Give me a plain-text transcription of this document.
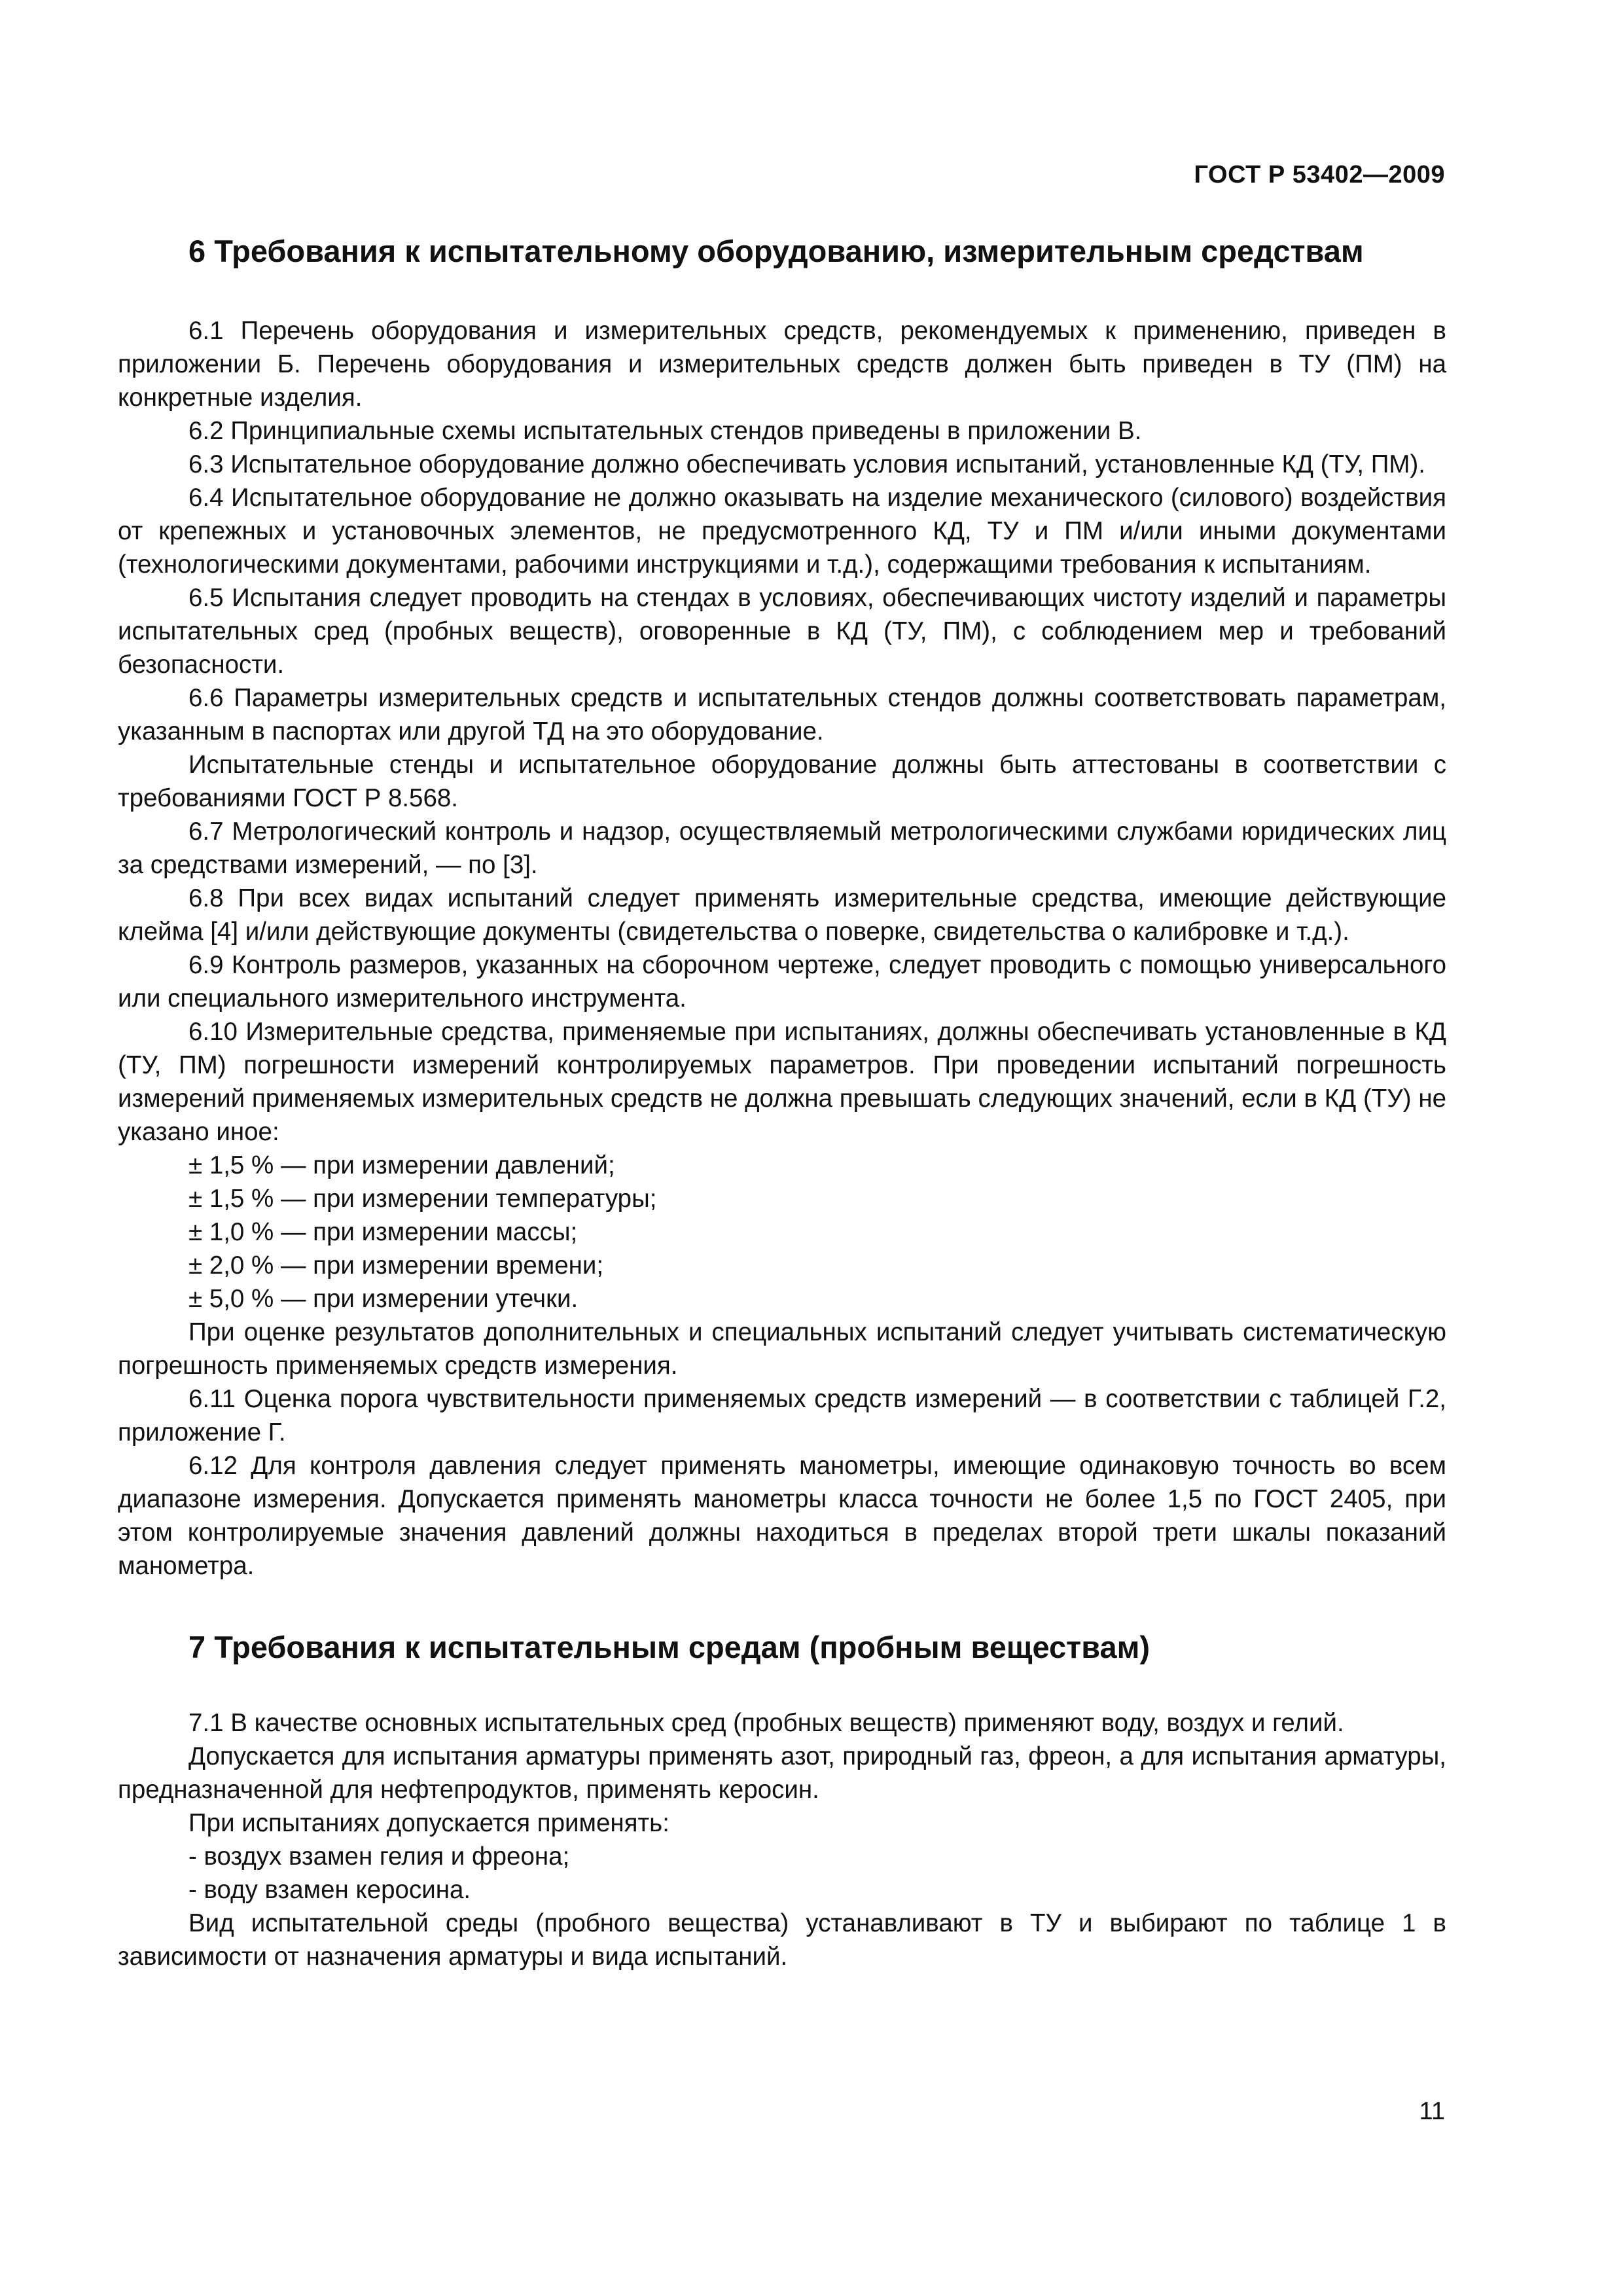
ГОСТ Р 53402—2009
6 Требования к испытательному оборудованию, измерительным средствам

6.1 Перечень оборудования и измерительных средств, рекомендуемых к применению, приведен в приложении Б. Перечень оборудования и измерительных средств должен быть приведен в ТУ (ПМ) на конкретные изделия.

6.2 Принципиальные схемы испытательных стендов приведены в приложении В.

6.3 Испытательное оборудование должно обеспечивать условия испытаний, установленные КД (ТУ, ПМ).

6.4 Испытательное оборудование не должно оказывать на изделие механического (силового) воздействия от крепежных и установочных элементов, не предусмотренного КД, ТУ и ПМ и/или иными документами (технологическими документами, рабочими инструкциями и т.д.), содержащими требования к испытаниям.

6.5 Испытания следует проводить на стендах в условиях, обеспечивающих чистоту изделий и параметры испытательных сред (пробных веществ), оговоренные в КД (ТУ, ПМ), с соблюдением мер и требований безопасности.

6.6 Параметры измерительных средств и испытательных стендов должны соответствовать параметрам, указанным в паспортах или другой ТД на это оборудование.

Испытательные стенды и испытательное оборудование должны быть аттестованы в соответствии с требованиями ГОСТ Р 8.568.

6.7 Метрологический контроль и надзор, осуществляемый метрологическими службами юридических лиц за средствами измерений, — по [3].

6.8 При всех видах испытаний следует применять измерительные средства, имеющие действующие клейма [4] и/или действующие документы (свидетельства о поверке, свидетельства о калибровке и т.д.).

6.9 Контроль размеров, указанных на сборочном чертеже, следует проводить с помощью универсального или специального измерительного инструмента.

6.10 Измерительные средства, применяемые при испытаниях, должны обеспечивать установленные в КД (ТУ, ПМ) погрешности измерений контролируемых параметров. При проведении испытаний погрешность измерений применяемых измерительных средств не должна превышать следующих значений, если в КД (ТУ) не указано иное:

± 1,5 % — при измерении давлений;
± 1,5 % — при измерении температуры;
± 1,0 % — при измерении массы;
± 2,0 % — при измерении времени;
± 5,0 % — при измерении утечки.

При оценке результатов дополнительных и специальных испытаний следует учитывать систематическую погрешность применяемых средств измерения.

6.11 Оценка порога чувствительности применяемых средств измерений — в соответствии с таблицей Г.2, приложение Г.

6.12 Для контроля давления следует применять манометры, имеющие одинаковую точность во всем диапазоне измерения. Допускается применять манометры класса точности не более 1,5 по ГОСТ 2405, при этом контролируемые значения давлений должны находиться в пределах второй трети шкалы показаний манометра.

7 Требования к испытательным средам (пробным веществам)

7.1 В качестве основных испытательных сред (пробных веществ) применяют воду, воздух и гелий.

Допускается для испытания арматуры применять азот, природный газ, фреон, а для испытания арматуры, предназначенной для нефтепродуктов, применять керосин.

При испытаниях допускается применять:

- воздух взамен гелия и фреона;
- воду взамен керосина.

Вид испытательной среды (пробного вещества) устанавливают в ТУ и выбирают по таблице 1 в зависимости от назначения арматуры и вида испытаний.

11
